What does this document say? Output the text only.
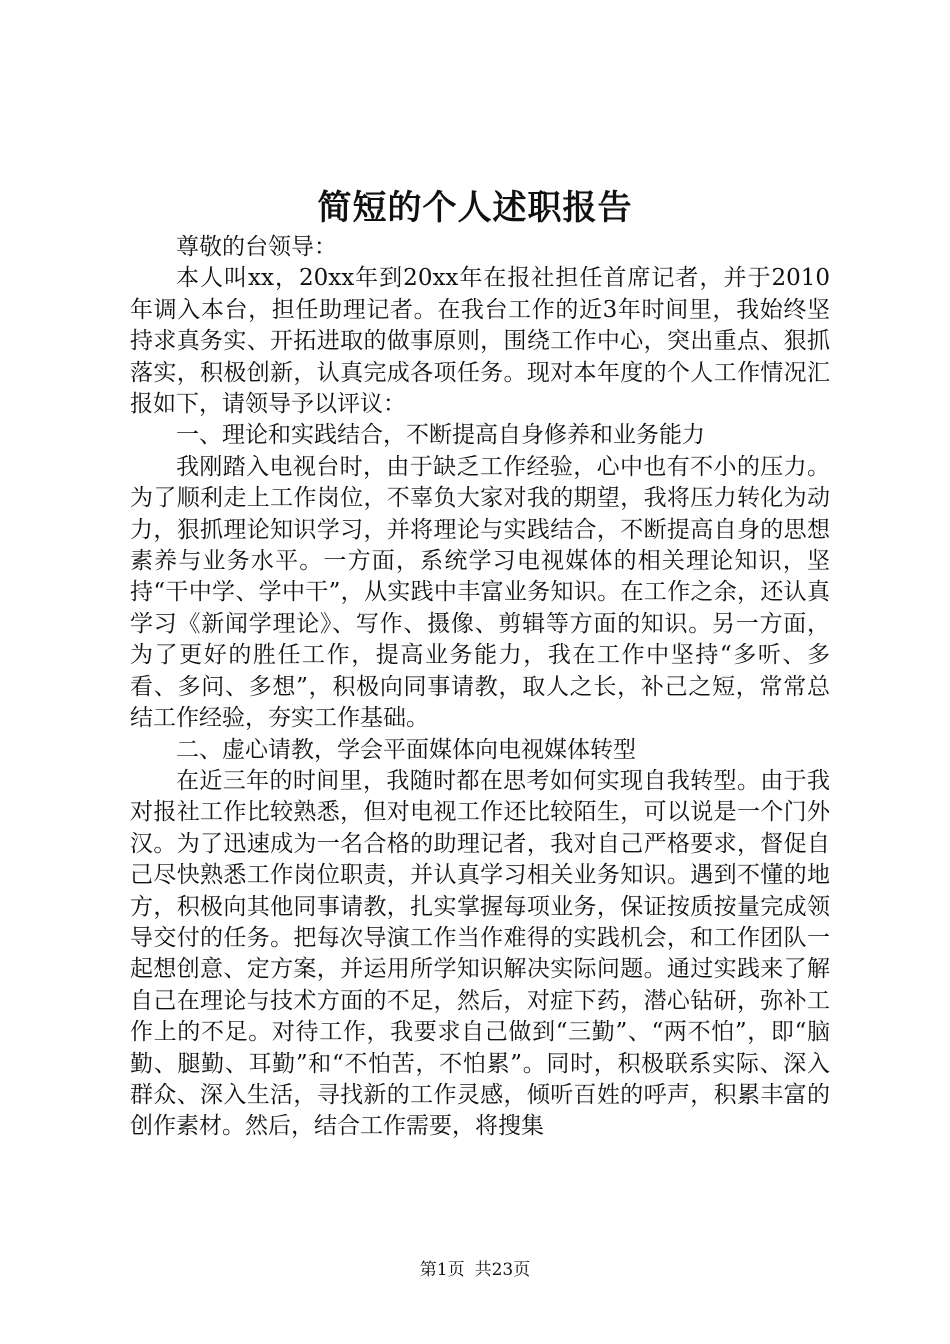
简短的个人述职报告

尊敬的台领导：

本人叫xx，20xx年到20xx年在报社担任首席记者，并于2010年调入本台，担任助理记者。在我台工作的近3年时间里，我始终坚持求真务实、开拓进取的做事原则，围绕工作中心，突出重点、狠抓落实，积极创新，认真完成各项任务。现对本年度的个人工作情况汇报如下，请领导予以评议：

一、理论和实践结合，不断提高自身修养和业务能力

我刚踏入电视台时，由于缺乏工作经验，心中也有不小的压力。为了顺利走上工作岗位，不辜负大家对我的期望，我将压力转化为动力，狠抓理论知识学习，并将理论与实践结合，不断提高自身的思想素养与业务水平。一方面，系统学习电视媒体的相关理论知识，坚持“干中学、学中干”，从实践中丰富业务知识。在工作之余，还认真学习《新闻学理论》、写作、摄像、剪辑等方面的知识。另一方面，为了更好的胜任工作，提高业务能力，我在工作中坚持“多听、多看、多问、多想”，积极向同事请教，取人之长，补己之短，常常总结工作经验，夯实工作基础。

二、虚心请教，学会平面媒体向电视媒体转型

在近三年的时间里，我随时都在思考如何实现自我转型。由于我对报社工作比较熟悉，但对电视工作还比较陌生，可以说是一个门外汉。为了迅速成为一名合格的助理记者，我对自己严格要求，督促自己尽快熟悉工作岗位职责，并认真学习相关业务知识。遇到不懂的地方，积极向其他同事请教，扎实掌握每项业务，保证按质按量完成领导交付的任务。把每次导演工作当作难得的实践机会，和工作团队一起想创意、定方案，并运用所学知识解决实际问题。通过实践来了解自己在理论与技术方面的不足，然后，对症下药，潜心钻研，弥补工作上的不足。对待工作，我要求自己做到“三勤”、“两不怕”，即“脑勤、腿勤、耳勤”和“不怕苦，不怕累”。同时，积极联系实际、深入群众、深入生活，寻找新的工作灵感，倾听百姓的呼声，积累丰富的创作素材。然后，结合工作需要，将搜集

第1页 共23页
